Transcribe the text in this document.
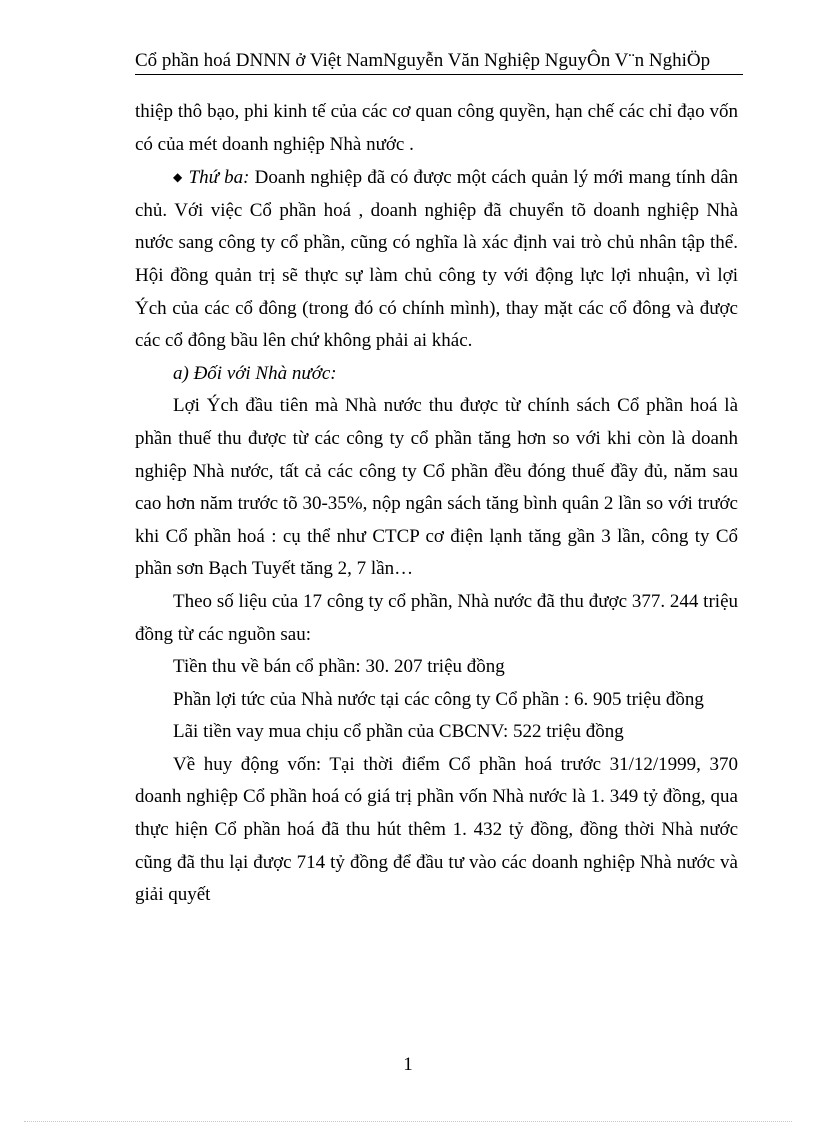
Cổ phần hoá DNNN ở Việt NamNguyễn Văn Nghiệp NguyÔn V¨n NghiÖp

thiệp thô bạo, phi kinh tế của các cơ quan công quyền, hạn chế các chỉ đạo vốn có của mét doanh nghiệp Nhà nước .

◆ Thứ ba: Doanh nghiệp đã có được một cách quản lý mới mang tính dân chủ. Với việc Cổ phần hoá , doanh nghiệp đã chuyển tõ doanh nghiệp Nhà nước sang công ty cổ phần, cũng có nghĩa là xác định vai trò chủ nhân tập thể. Hội đồng quản trị sẽ thực sự làm chủ công ty với động lực lợi nhuận, vì lợi Ých của các cổ đông (trong đó có chính mình), thay mặt các cổ đông và được các cổ đông bầu lên chứ không phải ai khác.

a) Đối với Nhà nước:

Lợi Ých đầu tiên mà Nhà nước thu được từ chính sách Cổ phần hoá là phần thuế thu được từ các công ty cổ phần tăng hơn so với khi còn là doanh nghiệp Nhà nước, tất cả các công ty Cổ phần đều đóng thuế đầy đủ, năm sau cao hơn năm trước tõ 30-35%, nộp ngân sách tăng bình quân 2 lần so với trước khi Cổ phần hoá : cụ thể như CTCP cơ điện lạnh tăng gần 3 lần, công ty Cổ phần sơn Bạch Tuyết tăng 2, 7 lần…

Theo số liệu của 17 công ty cổ phần, Nhà nước đã thu được 377. 244 triệu đồng từ các nguồn sau:

Tiền thu về bán cổ phần: 30. 207 triệu đồng

Phần lợi tức của Nhà nước tại các công ty Cổ phần : 6. 905 triệu đồng

Lãi tiền vay mua chịu cổ phần của CBCNV: 522 triệu đồng

Về huy động vốn: Tại thời điểm Cổ phần hoá trước 31/12/1999, 370 doanh nghiệp Cổ phần hoá có giá trị phần vốn Nhà nước là 1. 349 tỷ đồng, qua thực hiện Cổ phần hoá đã thu hút thêm 1. 432 tỷ đồng, đồng thời Nhà nước cũng đã thu lại được 714 tỷ đồng để đầu tư vào các doanh nghiệp Nhà nước và giải quyết

1
